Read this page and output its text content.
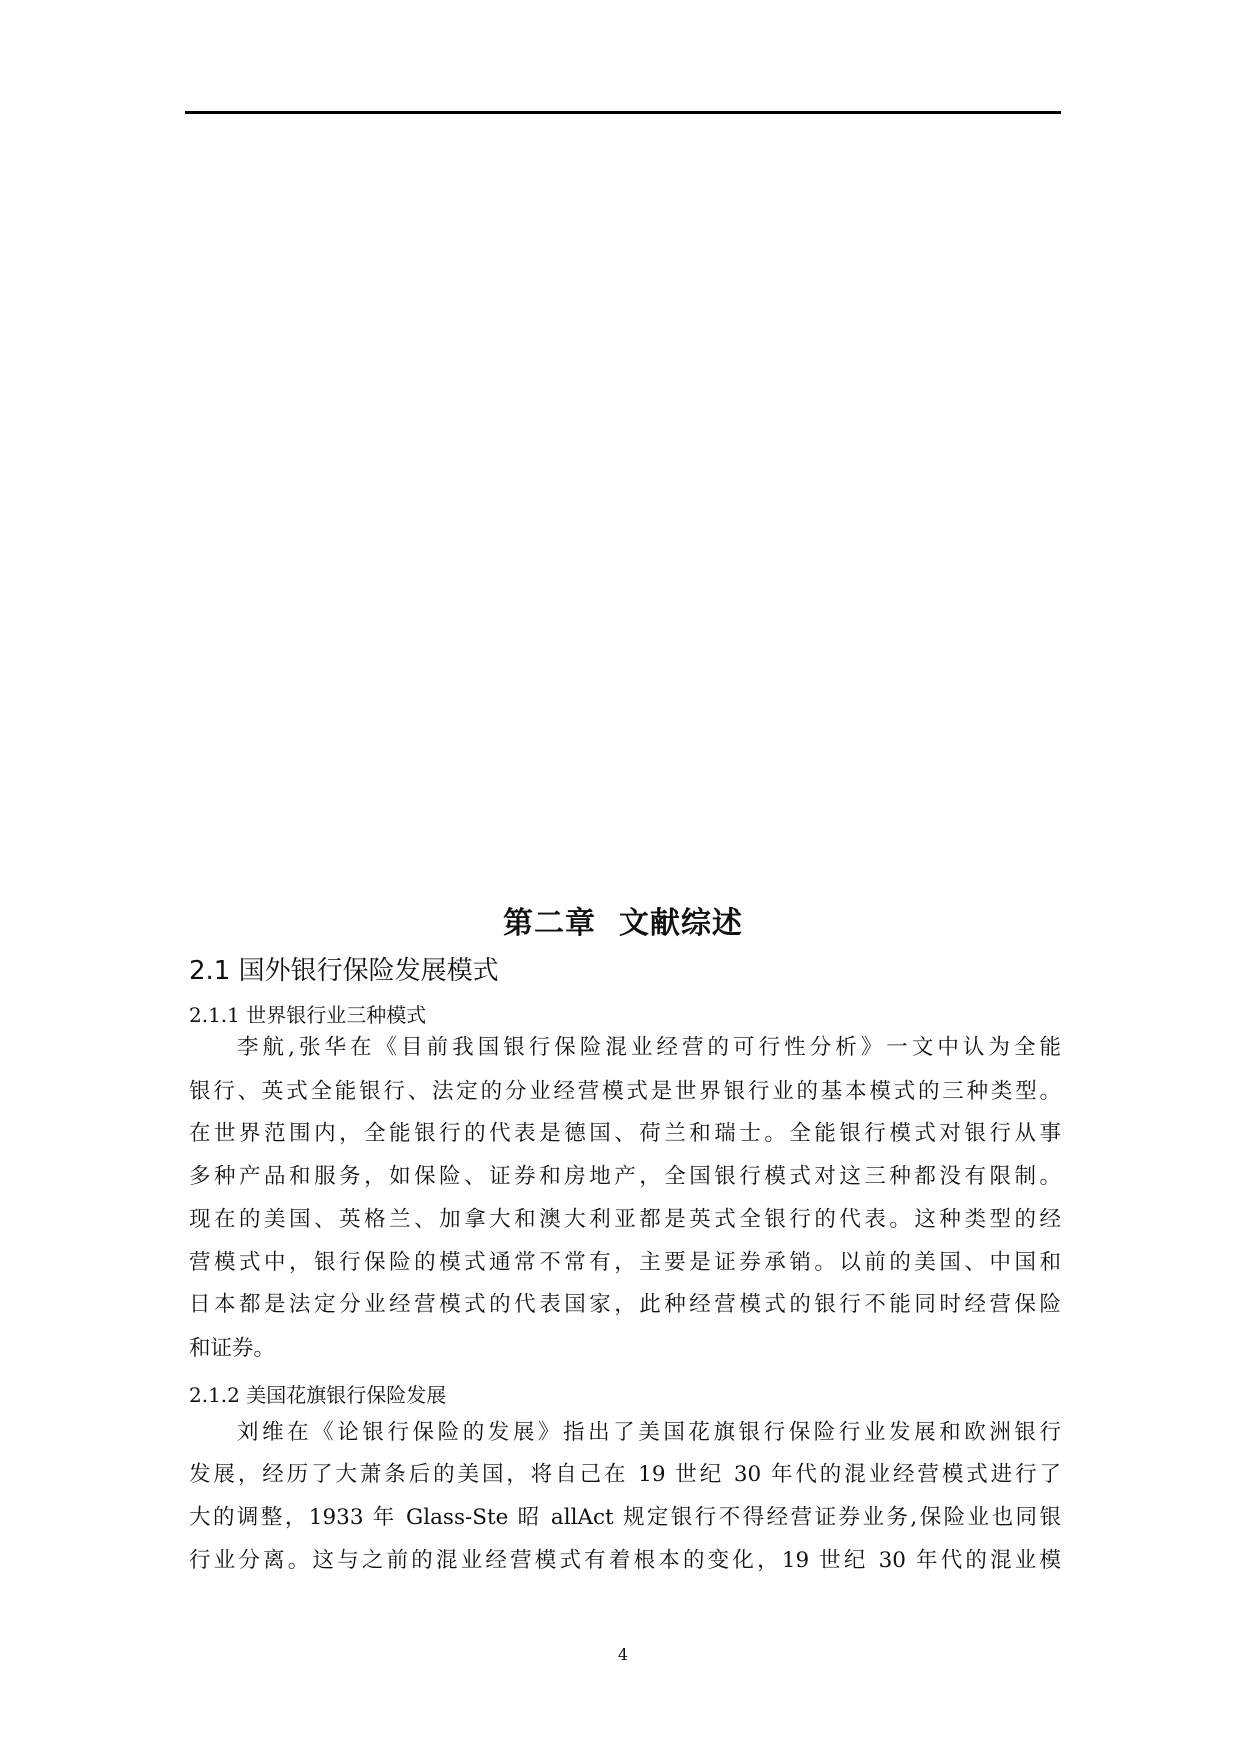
第二章  文献综述
2.1 国外银行保险发展模式
2.1.1 世界银行业三种模式
李航,张华在《目前我国银行保险混业经营的可行性分析》一文中认为全能
银行、英式全能银行、法定的分业经营模式是世界银行业的基本模式的三种类型。
在世界范围内，全能银行的代表是德国、荷兰和瑞士。全能银行模式对银行从事
多种产品和服务，如保险、证券和房地产，全国银行模式对这三种都没有限制。
现在的美国、英格兰、加拿大和澳大利亚都是英式全银行的代表。这种类型的经
营模式中，银行保险的模式通常不常有，主要是证券承销。以前的美国、中国和
日本都是法定分业经营模式的代表国家，此种经营模式的银行不能同时经营保险
和证券。
2.1.2 美国花旗银行保险发展
刘维在《论银行保险的发展》指出了美国花旗银行保险行业发展和欧洲银行
发展，经历了大萧条后的美国，将自己在 19 世纪 30 年代的混业经营模式进行了
大的调整，1933 年 Glass-Ste 昭 allAct 规定银行不得经营证券业务,保险业也同银
行业分离。这与之前的混业经营模式有着根本的变化，19 世纪 30 年代的混业模
4
